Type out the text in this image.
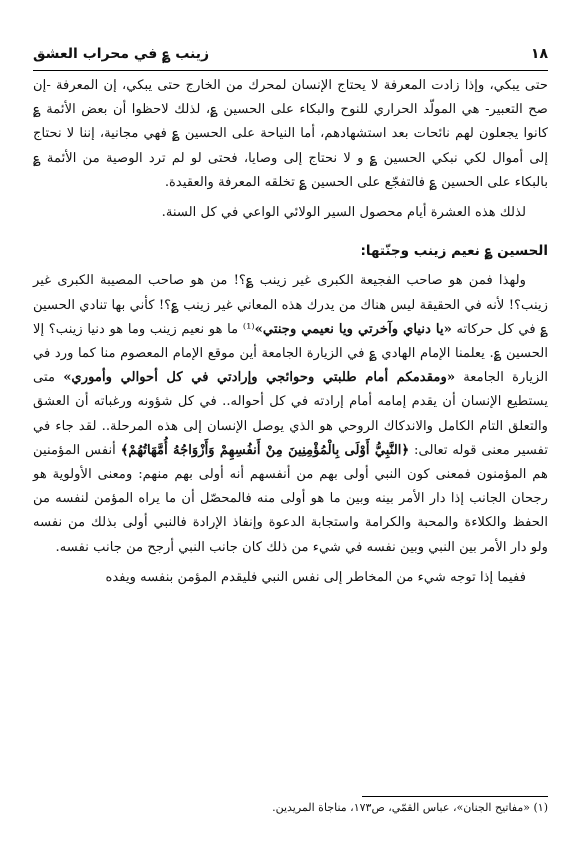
١٨
زينب ؏ في محراب العشق

حتى يبكي، وإذا زادت المعرفة لا يحتاج الإنسان لمحرك من الخارج حتى يبكي، إن المعرفة -إن صح التعبير- هي المولّد الحراري للنوح والبكاء على الحسين ؏، لذلك لاحظوا أن بعض الأئمة ؏ كانوا يجعلون لهم نائحات بعد استشهادهم، أما النياحة على الحسين ؏ فهي مجانية، إننا لا نحتاج إلى أموال لكي نبكي الحسين ؏ و لا نحتاج إلى وصايا، فحتى لو لم ترد الوصية من الأئمة ؏ بالبكاء على الحسين ؏ فالتفجّع على الحسين ؏ تخلقه المعرفة والعقيدة.

لذلك هذه العشرة أيام محصول السير الولائي الواعي في كل السنة.

الحسين ؏ نعيم زينب وجنّتها:

ولهذا فمن هو صاحب الفجيعة الكبرى غير زينب ؏؟! من هو صاحب المصيبة الكبرى غير زينب؟! لأنه في الحقيقة ليس هناك من يدرك هذه المعاني غير زينب ؏؟! كأني بها تنادي الحسين ؏ في كل حركاته «يا دنياي وآخرتي ويا نعيمي وجنتي»⁽¹⁾ ما هو نعيم زينب وما هو دنيا زينب؟ إلا الحسين ؏. يعلمنا الإمام الهادي ؏ في الزيارة الجامعة أين موقع الإمام المعصوم منا كما ورد في الزيارة الجامعة «ومقدمكم أمام طلبتي وحوائجي وإرادتي في كل أحوالي وأموري» متى يستطيع الإنسان أن يقدم إمامه أمام إرادته في كل أحواله.. في كل شؤونه ورغباته أن العشق والتعلق التام الكامل والاندكاك الروحي هو الذي يوصل الإنسان إلى هذه المرحلة.. لقد جاء في تفسير معنى قوله تعالى: ﴿النَّبِيُّ أَوْلَى بِالْمُؤْمِنِينَ مِنْ أَنفُسِهِمْ وَأَزْوَاجُهُ أُمَّهَاتُهُمْ﴾ أنفس المؤمنين هم المؤمنون فمعنى كون النبي أولى بهم من أنفسهم أنه أولى بهم منهم: ومعنى الأولوية هو رجحان الجانب إذا دار الأمر بينه وبين ما هو أولى منه فالمحصّل أن ما يراه المؤمن لنفسه من الحفظ والكلاءة والمحبة والكرامة واستجابة الدعوة وإنفاذ الإرادة فالنبي أولى بذلك من نفسه ولو دار الأمر بين النبي وبين نفسه في شيء من ذلك كان جانب النبي أرجح من جانب نفسه.

ففيما إذا توجه شيء من المخاطر إلى نفس النبي فليقدم المؤمن بنفسه ويفده

(١) «مفاتيح الجنان»، عباس القمّي، ص١٧٣، مناجاة المريدين.
